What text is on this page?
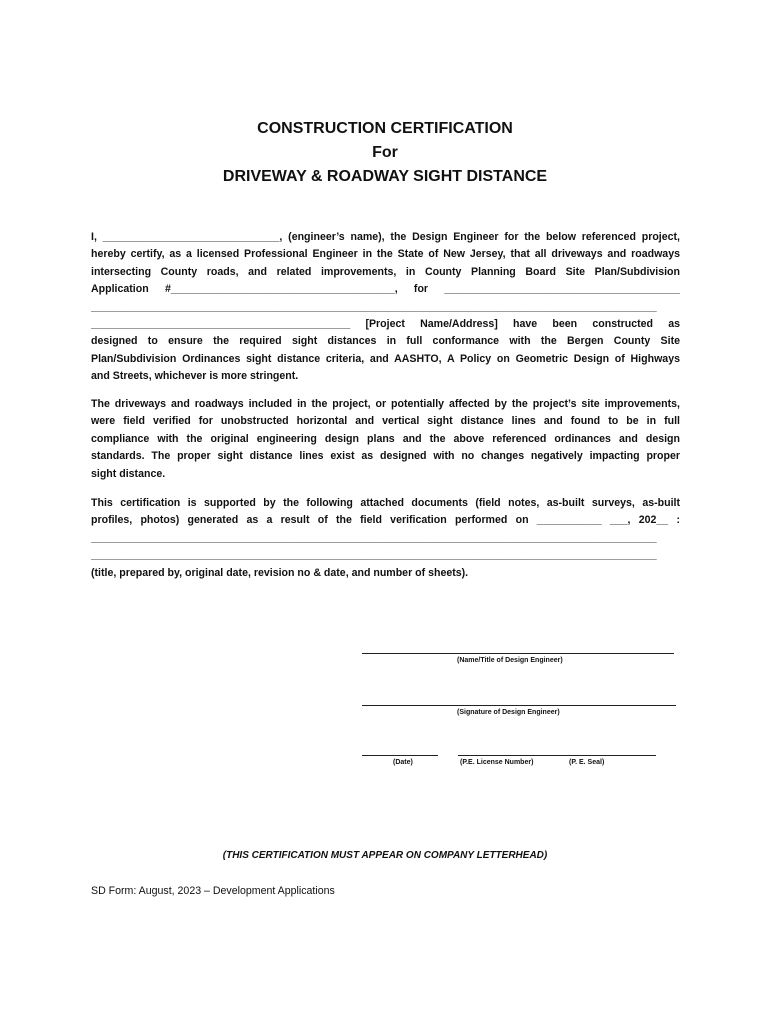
CONSTRUCTION CERTIFICATION
For
DRIVEWAY & ROADWAY SIGHT DISTANCE
I, ______________________________, (engineer’s name), the Design Engineer for the below referenced project,
hereby certify, as a licensed Professional Engineer in the State of New Jersey, that all driveways and roadways
intersecting County roads, and related improvements, in County Planning Board Site Plan/Subdivision
Application #______________________________________, for ________________________________________
________________________________________________________________________________________________
____________________________________________ [Project Name/Address] have been constructed as
designed to ensure the required sight distances in full conformance with the Bergen County Site
Plan/Subdivision Ordinances sight distance criteria, and AASHTO, A Policy on Geometric Design of Highways
and Streets, whichever is more stringent.
The driveways and roadways included in the project, or potentially affected by the project’s site improvements,
were field verified for unobstructed horizontal and vertical sight distance lines and found to be in full
compliance with the original engineering design plans and the above referenced ordinances and design
standards. The proper sight distance lines exist as designed with no changes negatively impacting proper
sight distance.
This certification is supported by the following attached documents (field notes, as-built surveys, as-built
profiles, photos) generated as a result of the field verification performed on ___________ ___, 202__ :
________________________________________________________________________________________________
________________________________________________________________________________________________
(title, prepared by, original date, revision no & date, and number of sheets).
(Name/Title of Design Engineer)
(Signature of Design Engineer)
(Date)	(P.E. License Number)	(P. E. Seal)
(THIS CERTIFICATION MUST APPEAR ON COMPANY LETTERHEAD)
SD Form: August, 2023 – Development Applications
